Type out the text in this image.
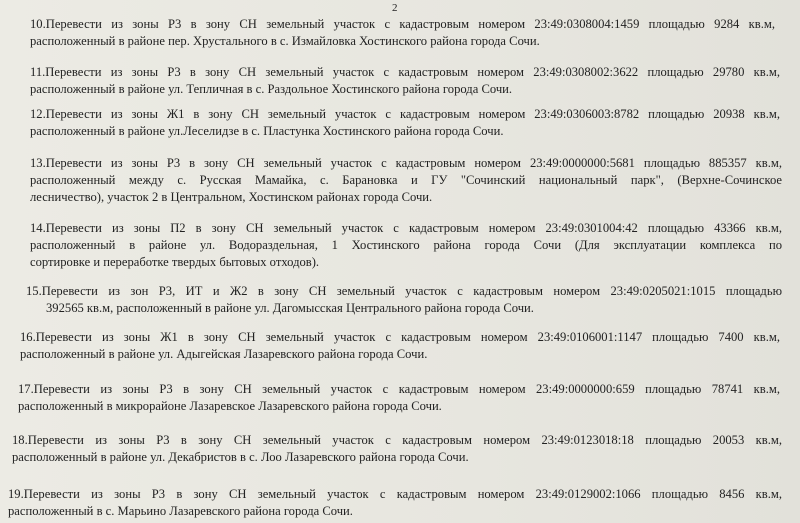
2
10.Перевести из зоны Р3 в зону СН земельный участок с кадастровым номером 23:49:0308004:1459 площадью 9284 кв.м,
расположенный в районе пер. Хрустального в с. Измайловка Хостинского района города Сочи.
11.Перевести из зоны Р3 в зону СН земельный участок с кадастровым номером 23:49:0308002:3622 площадью 29780 кв.м,
расположенный в районе ул. Тепличная в с. Раздольное Хостинского района города Сочи.
12.Перевести из зоны Ж1 в зону СН земельный участок с кадастровым номером 23:49:0306003:8782 площадью 20938 кв.м,
расположенный в районе ул.Леселидзе в с. Пластунка Хостинского района города Сочи.
13.Перевести из зоны Р3 в зону СН земельный участок с кадастровым номером 23:49:0000000:5681 площадью 885357 кв.м,
расположенный между с. Русская Мамайка, с. Барановка и ГУ "Сочинский национальный парк", (Верхне-Сочинское
лесничество), участок 2 в Центральном, Хостинском районах города Сочи.
14.Перевести из зоны П2 в зону СН земельный участок с кадастровым номером 23:49:0301004:42 площадью 43366 кв.м,
расположенный в районе ул. Водораздельная, 1 Хостинского района города Сочи (Для эксплуатации комплекса по
сортировке и переработке твердых бытовых отходов).
15.Перевести из зон Р3, ИТ и Ж2 в зону СН земельный участок с кадастровым номером 23:49:0205021:1015 площадью
392565 кв.м, расположенный в районе ул. Дагомысская Центрального района города Сочи.
16.Перевести из зоны Ж1 в зону СН земельный участок с кадастровым номером 23:49:0106001:1147 площадью 7400 кв.м,
расположенный в районе ул. Адыгейская Лазаревского района города Сочи.
17.Перевести из зоны Р3 в зону СН земельный участок с кадастровым номером 23:49:0000000:659 площадью 78741 кв.м,
расположенный в микрорайоне Лазаревское Лазаревского района города Сочи.
18.Перевести из зоны Р3 в зону СН земельный участок с кадастровым номером 23:49:0123018:18 площадью 20053 кв.м,
расположенный в районе ул. Декабристов в с. Лоо Лазаревского района города Сочи.
19.Перевести из зоны Р3 в зону СН земельный участок с кадастровым номером 23:49:0129002:1066 площадью 8456 кв.м,
расположенный в с. Марьино Лазаревского района города Сочи.
